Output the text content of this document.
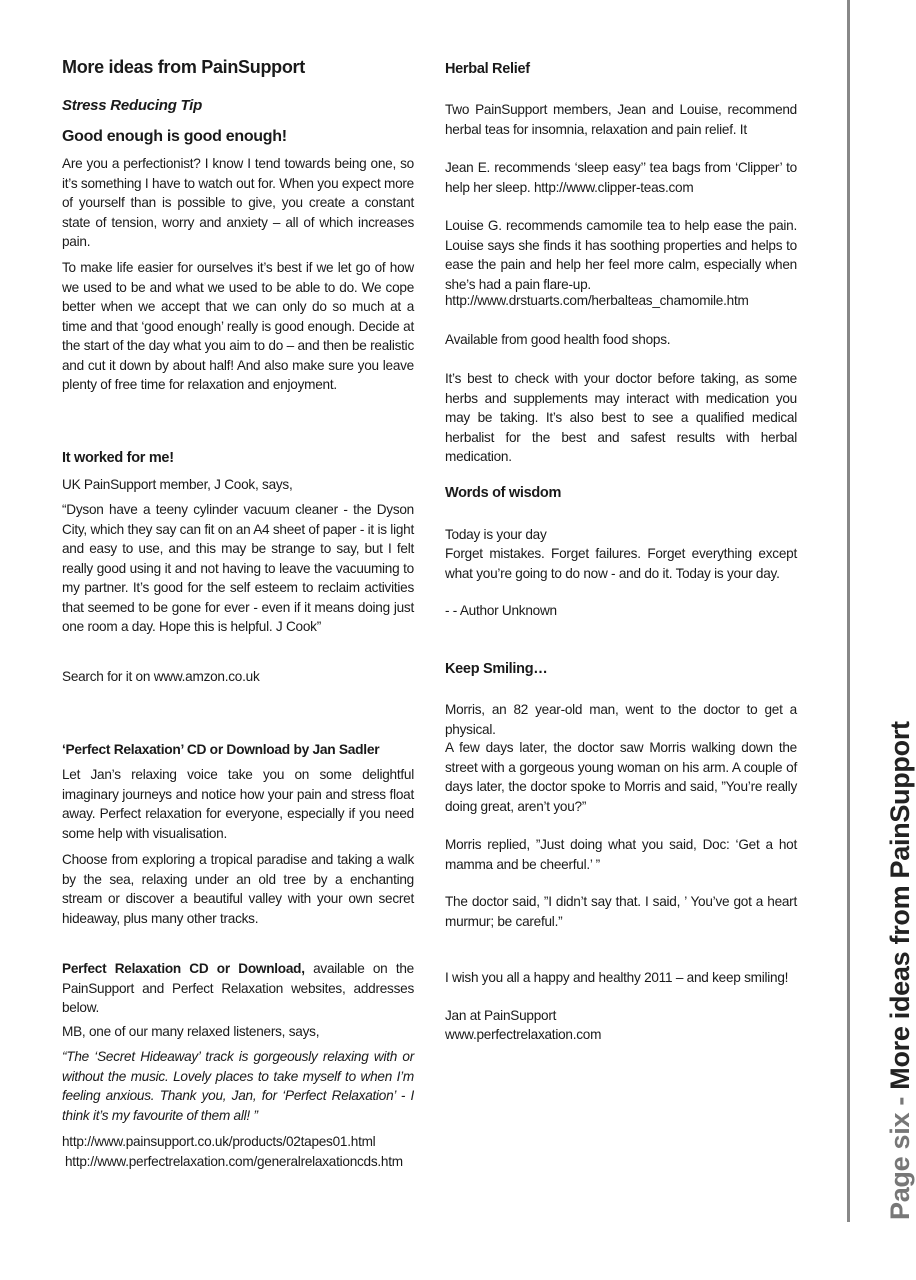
More ideas from PainSupport

Stress Reducing Tip

Good enough is good enough!

Are you a perfectionist? I know I tend towards being one, so it’s something I have to watch out for. When you expect more of yourself than is possible to give, you create a constant state of tension, worry and anxiety – all of which increases pain.

To make life easier for ourselves it’s best if we let go of how we used to be and what we used to be able to do. We cope better when we accept that we can only do so much at a time and that ‘good enough’ really is good enough. Decide at the start of the day what you aim to do – and then be realistic and cut it down by about half! And also make sure you leave plenty of free time for relaxation and enjoyment.

It worked for me!

UK PainSupport member, J Cook, says,

“Dyson have a teeny cylinder vacuum cleaner - the Dyson City, which they say can fit on an A4 sheet of paper - it is light and easy to use, and this may be strange to say, but I felt really good using it and not having to leave the vacuuming to my partner. It’s good for the self esteem to reclaim activities that seemed to be gone for ever - even if it means doing just one room a day. Hope this is helpful. J Cook”

Search for it on www.amzon.co.uk

‘Perfect Relaxation’ CD or Download by Jan Sadler

Let Jan’s relaxing voice take you on some delightful imaginary journeys and notice how your pain and stress float away. Perfect relaxation for everyone, especially if you need some help with visualisation.

Choose from exploring a tropical paradise and taking a walk by the sea, relaxing under an old tree by a enchanting stream or discover a beautiful valley with your own secret hideaway, plus many other tracks.

Perfect Relaxation CD or Download, available on the PainSupport and Perfect Relaxation websites, addresses below.

MB, one of our many relaxed listeners, says,

“The ‘Secret Hideaway’ track is gorgeously relaxing with or without the music. Lovely places to take myself to when I’m feeling anxious. Thank you, Jan, for ‘Perfect Relaxation’ - I think it’s my favourite of them all! ”

http://www.painsupport.co.uk/products/02tapes01.html

http://www.perfectrelaxation.com/generalrelaxationcds.htm

Herbal Relief

Two PainSupport members, Jean and Louise, recommend herbal teas for insomnia, relaxation and pain relief. It

Jean E. recommends ‘sleep easy’’ tea bags from ‘Clipper’ to help her sleep. http://www.clipper-teas.com

Louise G. recommends camomile tea to help ease the pain. Louise says she finds it has soothing properties and helps to ease the pain and help her feel more calm, especially when she’s had a pain flare-up.

http://www.drstuarts.com/herbalteas_chamomile.htm

Available from good health food shops.

It’s best to check with your doctor before taking, as some herbs and supplements may interact with medication you may be taking. It’s also best to see a qualified medical herbalist for the best and safest results with herbal medication.

Words of wisdom

Today is your day

Forget mistakes. Forget failures. Forget everything except what you’re going to do now - and do it. Today is your day.

- - Author Unknown

Keep Smiling…

Morris, an 82 year-old man, went to the doctor to get a physical.

A few days later, the doctor saw Morris walking down the street with a gorgeous young woman on his arm. A couple of days later, the doctor spoke to Morris and said, ”You’re really doing great, aren’t you?”

Morris replied, ”Just doing what you said, Doc: ‘Get a hot mamma and be cheerful.’ ”

The doctor said, ”I didn’t say that. I said, ’ You’ve got a heart murmur; be careful.”

I wish you all a happy and healthy 2011 – and keep smiling!

Jan at PainSupport

www.perfectrelaxation.com

Page six - More ideas from PainSupport
